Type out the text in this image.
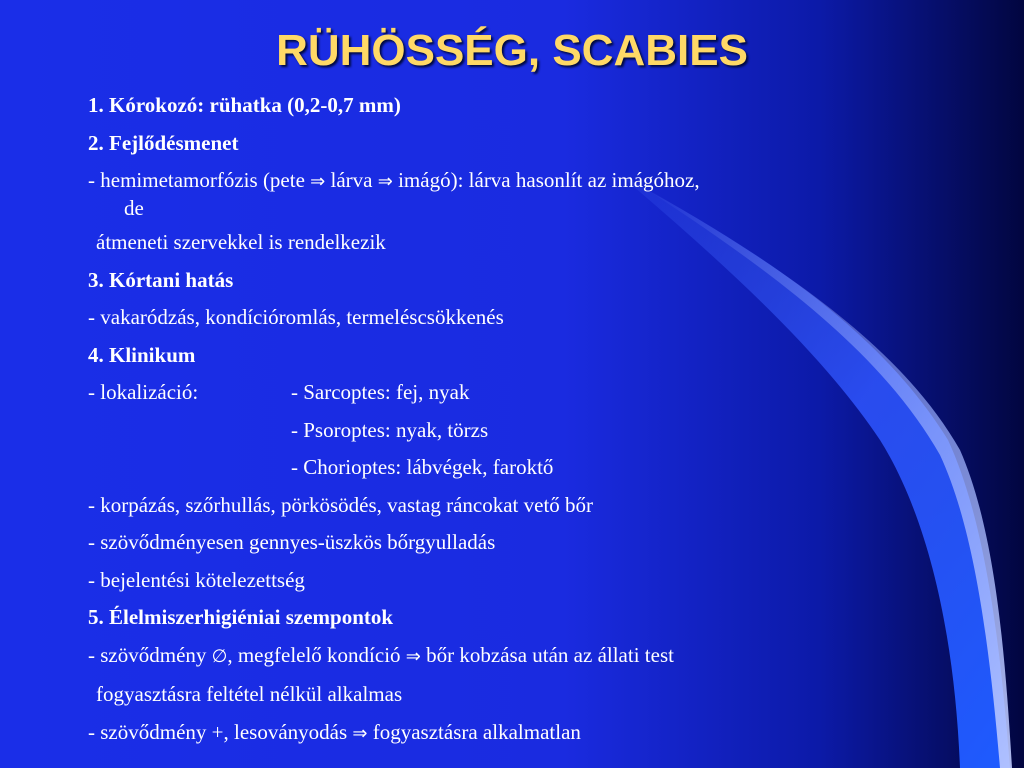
RÜHÖSSÉG, SCABIES
1. Kórokozó: rühatka (0,2-0,7 mm)
2. Fejlődésmenet
- hemimetamorfózis (pete ⇒ lárva ⇒ imágó): lárva hasonlít az imágóhoz,
de
átmeneti szervekkel is rendelkezik
3. Kórtani hatás
- vakaródzás, kondícióromlás, termeléscsökkenés
4. Klinikum
- lokalizáció:	- Sarcoptes: fej, nyak
- Psoroptes: nyak, törzs
- Chorioptes: lábvégek, faroktő
- korpázás, szőrhullás, pörkösödés, vastag ráncokat vető bőr
- szövődményesen gennyes-üszkös bőrgyulladás
- bejelentési kötelezettség
5. Élelmiszerhigiéniai szempontok
- szövődmény ∅, megfelelő kondíció ⇒ bőr kobzása után az állati test
fogyasztásra feltétel nélkül alkalmas
- szövődmény +, lesoványodás ⇒ fogyasztásra alkalmatlan
